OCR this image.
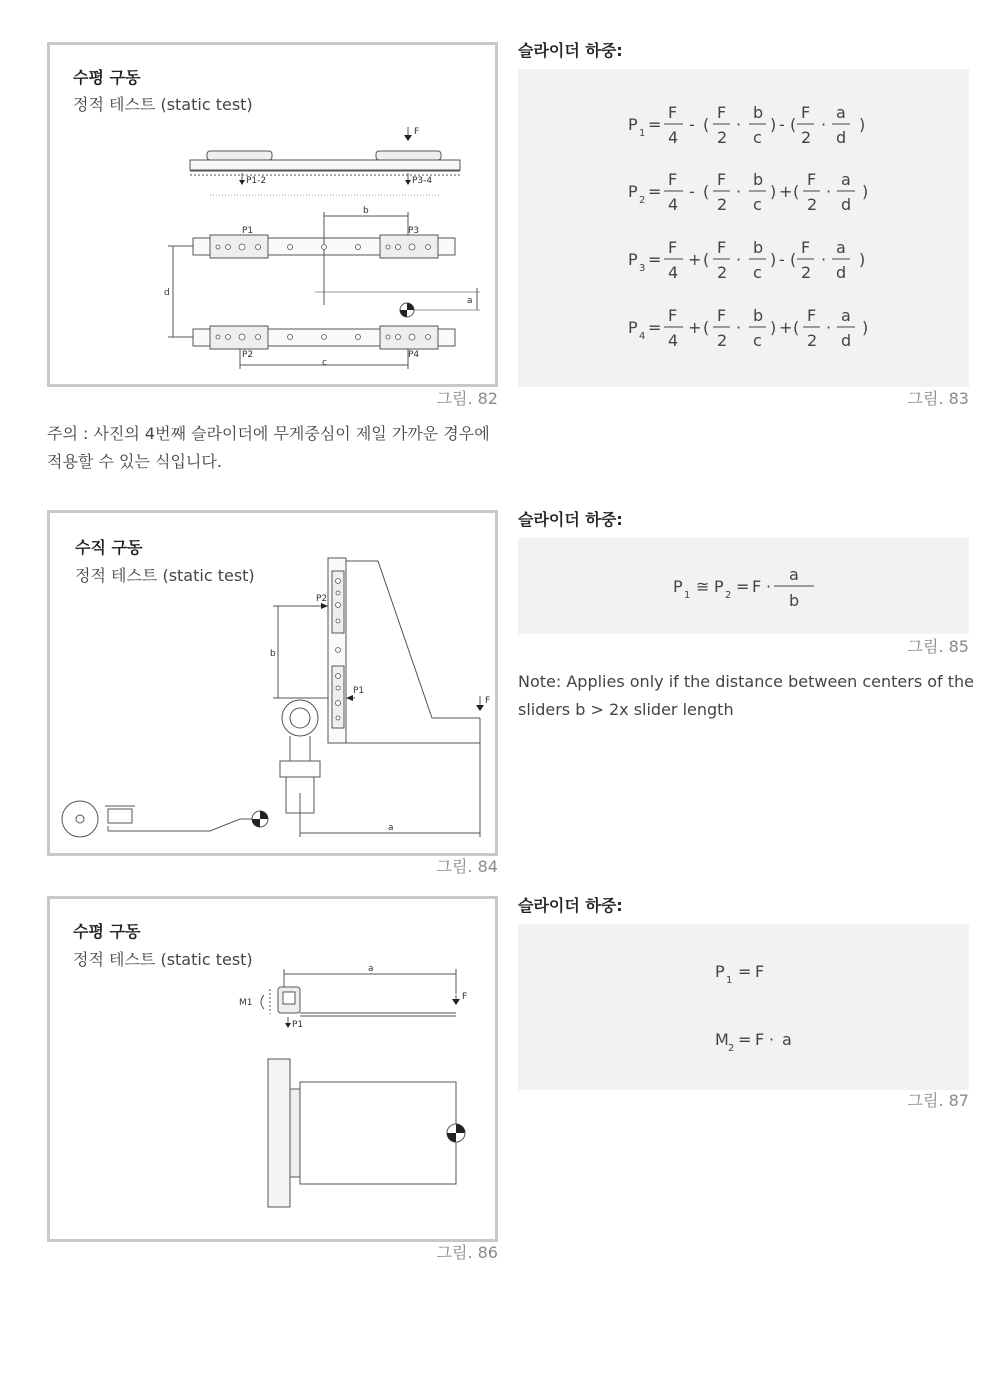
수평 구동
정적 테스트 (static test)
F
P1-2	P3-4
b
P1	P3
d
a
P2	P4
c
그림. 82
슬라이더 하중:
P 1 =
F
4
- (
F
2
·
b
c
) - (
F
2
·
a
d
)
P 2 =
F
4
- (
F
2
·
b
c
) + (
F
2
·
a
d
)
P 3 =
F
4
+ (
F
2
·
b
c
) - (
F
2
·
a
d
)
P 4 =
F
4
+ (
F
2
·
b
c
) + (
F
2
·
a
d
)
그림. 83
주의 : 사진의 4번째 슬라이더에 무게중심이 제일 가까운 경우에
적용할 수 있는 식입니다.
수직 구동
정적 테스트 (static test)
P2
b
P1
F
a
그림. 84
슬라이더 하중:
P 1 ≅ P 2 = F ·
a
b
그림. 85
Note: Applies only if the distance between centers of the
sliders b > 2x slider length
수평 구동
정적 테스트 (static test)	a
M1
F
P1
그림. 86
슬라이더 하중:
P 1 = F
M 2 = F · a
그림. 87
